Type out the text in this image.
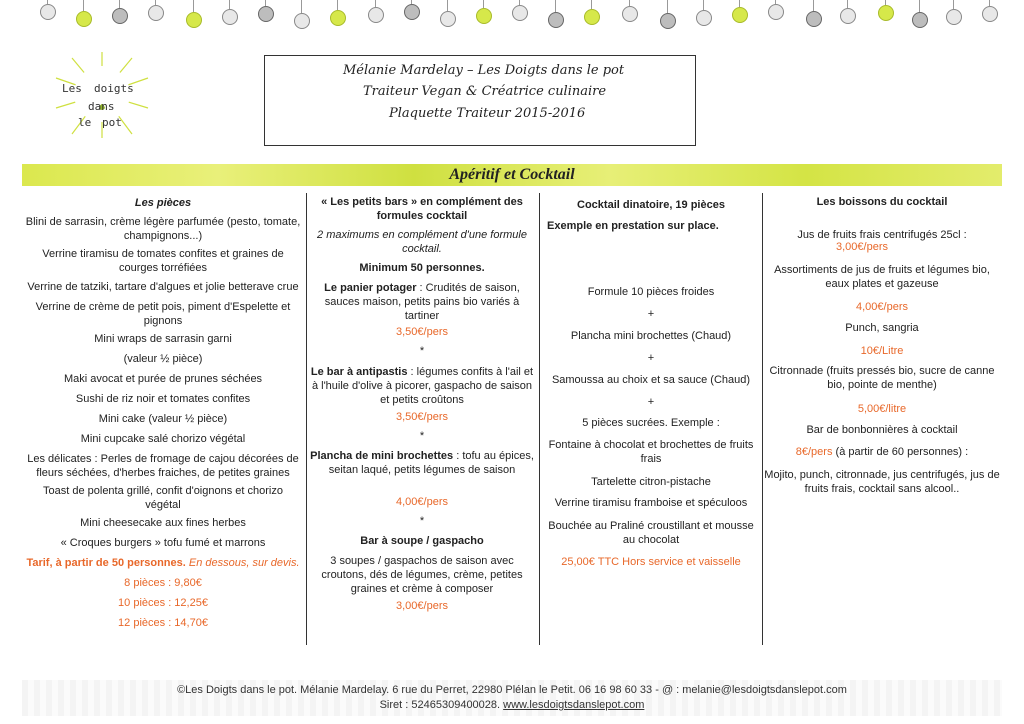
Les doigts
dans
le pot
Mélanie Mardelay – Les Doigts dans le pot
Traiteur Vegan & Créatrice culinaire
Plaquette Traiteur 2015-2016
Apéritif et Cocktail

Les pièces

Blini de sarrasin, crème légère parfumée (pesto, tomate, champignons...)

Verrine tiramisu de tomates confites et graines de courges torréfiées

Verrine de tatziki, tartare d'algues et jolie betterave crue

Verrine de crème de petit pois, piment d'Espelette et pignons

Mini wraps de sarrasin garni

(valeur ½ pièce)

Maki avocat et purée de prunes séchées

Sushi de riz noir et tomates confites

Mini cake (valeur ½ pièce)

Mini cupcake salé chorizo végétal

Les délicates : Perles de fromage de cajou décorées de fleurs séchées, d'herbes fraiches, de petites graines

Toast de polenta grillé, confit d'oignons et chorizo végétal

Mini cheesecake aux fines herbes

« Croques burgers » tofu fumé et marrons

Tarif, à partir de 50 personnes. En dessous, sur devis.

8 pièces : 9,80€

10 pièces : 12,25€

12 pièces : 14,70€

« Les petits bars » en complément des formules cocktail

2 maximums en complément d'une formule cocktail.

Minimum 50 personnes.

Le panier potager : Crudités de saison, sauces maison, petits pains bio variés à tartiner

3,50€/pers

*

Le bar à antipastis : légumes confits à l'ail et à l'huile d'olive à picorer, gaspacho de saison et petits croûtons

3,50€/pers

*

Plancha de mini brochettes : tofu au épices, seitan laqué, petits légumes de saison

4,00€/pers

*

Bar à soupe / gaspacho

3 soupes / gaspachos de saison avec croutons, dés de légumes, crème, petites graines et crème à composer

3,00€/pers

Cocktail dinatoire, 19 pièces

Exemple en prestation sur place.

Formule 10 pièces froides

+

Plancha mini brochettes (Chaud)

+

Samoussa au choix et sa sauce (Chaud)

+

5 pièces sucrées. Exemple :

Fontaine à chocolat et brochettes de fruits frais

Tartelette citron-pistache

Verrine tiramisu framboise et spéculoos

Bouchée au Praliné croustillant et mousse au chocolat

25,00€ TTC Hors service et vaisselle

Les boissons du cocktail

Jus de fruits frais centrifugés 25cl :

3,00€/pers

Assortiments de jus de fruits et légumes bio, eaux plates et gazeuse

4,00€/pers

Punch, sangria

10€/Litre

Citronnade (fruits pressés bio, sucre de canne bio, pointe de menthe)

5,00€/litre

Bar de bonbonnières à cocktail

8€/pers (à partir de 60 personnes) :

Mojito, punch, citronnade, jus centrifugés, jus de fruits frais, cocktail sans alcool..

©Les Doigts dans le pot. Mélanie Mardelay. 6 rue du Perret, 22980 Plélan le Petit. 06 16 98 60 33 - @ : melanie@lesdoigtsdanslepot.com

Siret : 52465309400028. www.lesdoigtsdanslepot.com
